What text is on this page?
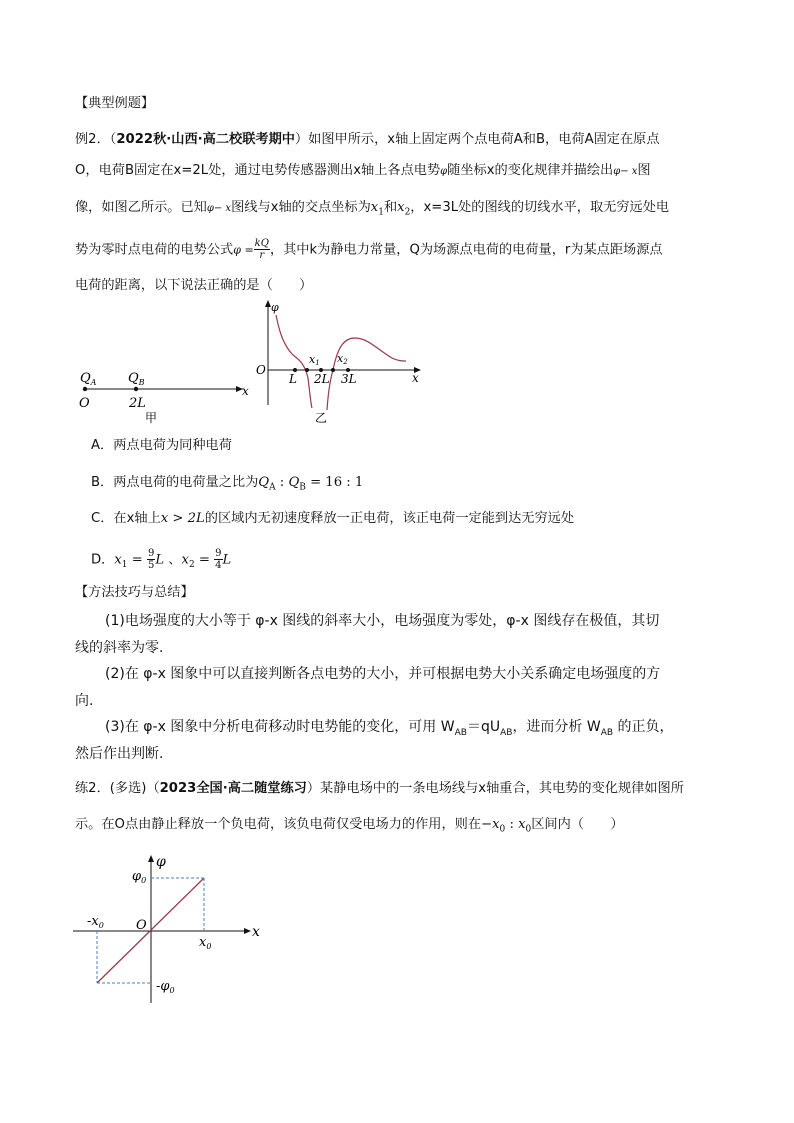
【典型例题】
例2．（2022秋·山西·高二校联考期中）如图甲所示，x轴上固定两个点电荷A和B，电荷A固定在原点
O，电荷B固定在x=2L处，通过电势传感器测出x轴上各点电势φ随坐标x的变化规律并描绘出φ− x图
像，如图乙所示。已知φ− x图线与x轴的交点坐标为$x_1$和$x_2$，x=3L处的图线的切线水平，取无穷远处电
势为零时点电荷的电势公式$\varphi = \frac{kQ}{r}$ ，其中k为静电力常量，Q为场源点电荷的电荷量，r为某点距场源点
电荷的距离，以下说法正确的是（　　）
$Q_A$ $Q_B$
O	2L
x
甲
φ
O
L 2L 3L	x
x1 x2
乙
A．两点电荷为同种电荷
B．两点电荷的电荷量之比为$Q_A$ : $Q_B = 16$ : 1
C．在x轴上x > 2L的区域内无初速度释放一正电荷，该正电荷一定能到达无穷远处
D．$x_1 = \frac{9}{5}$ L 、$x_2 = \frac{9}{4}$ L
【方法技巧与总结】
(1)电场强度的大小等于 φ-x 图线的斜率大小，电场强度为零处，φ-x 图线存在极值，其切
线的斜率为零.
(2)在 φ-x 图象中可以直接判断各点电势的大小，并可根据电势大小关系确定电场强度的方
向.
(3)在 φ-x 图象中分析电荷移动时电势能的变化，可用 $W_{AB}=qU_{AB}$，进而分析 $W_{AB}$ 的正负，
然后作出判断.
练2．(多选)（2023全国·高二随堂练习）某静电场中的一条电场线与x轴重合，其电势的变化规律如图所
示。在O点由静止释放一个负电荷，该负电荷仅受电场力的作用，则在$-x_0$ : $x_0$区间内（　　）
φ
$\varphi_0$
$-\varphi_0$
$-x_0$
$x_0$
O	x
